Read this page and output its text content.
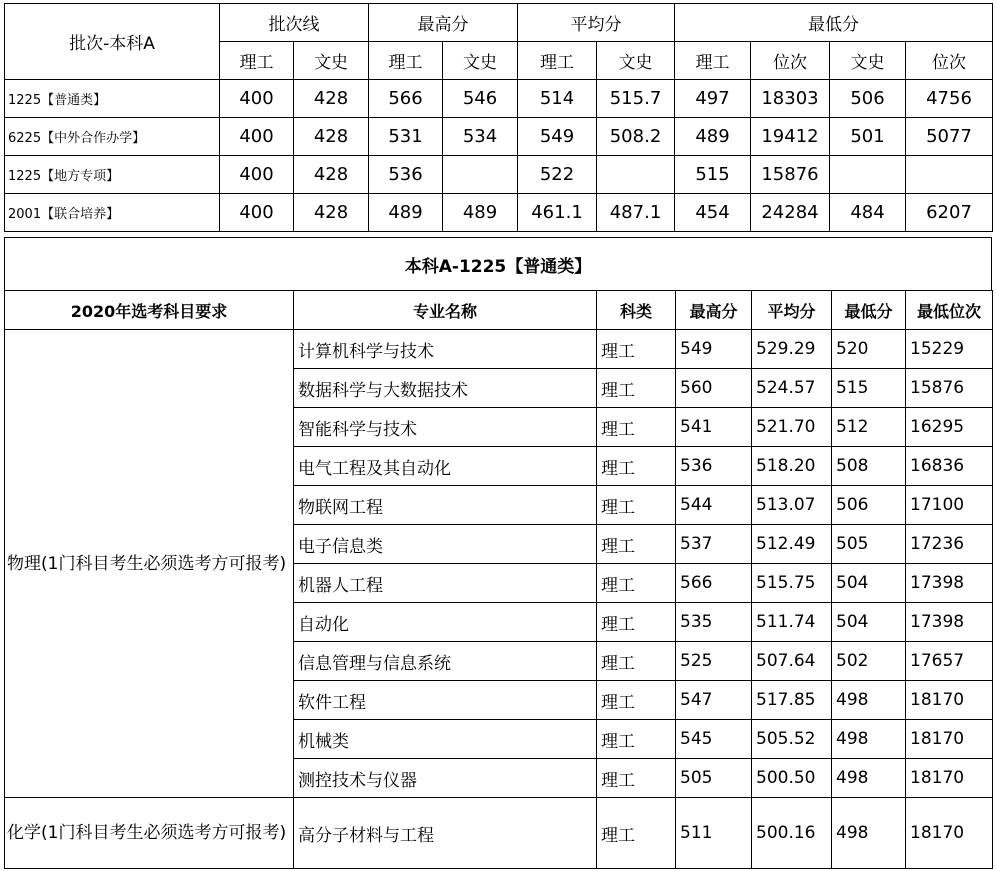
批次-本科A	批次线		最高分		平均分		最低分			
	理工	文史	理工	文史	理工	文史	理工	位次	文史	位次
1225【普通类】	400	428	566	546	514	515.7	497	18303	506	4756
6225【中外合作办学】	400	428	531	534	549	508.2	489	19412	501	5077
1225【地方专项】	400	428	536		522		515	15876		
2001【联合培养】	400	428	489	489	461.1	487.1	454	24284	484	6207
本科A-1225【普通类】
2020年选考科目要求	专业名称	科类	最高分	平均分	最低分	最低位次
物理(1门科目考生必须选考方可报考)	计算机科学与技术	理工	549	529.29	520	15229
	数据科学与大数据技术	理工	560	524.57	515	15876
	智能科学与技术	理工	541	521.70	512	16295
	电气工程及其自动化	理工	536	518.20	508	16836
	物联网工程	理工	544	513.07	506	17100
	电子信息类	理工	537	512.49	505	17236
	机器人工程	理工	566	515.75	504	17398
	自动化	理工	535	511.74	504	17398
	信息管理与信息系统	理工	525	507.64	502	17657
	软件工程	理工	547	517.85	498	18170
	机械类	理工	545	505.52	498	18170
	测控技术与仪器	理工	505	500.50	498	18170
化学(1门科目考生必须选考方可报考)	高分子材料与工程	理工	511	500.16	498	18170
